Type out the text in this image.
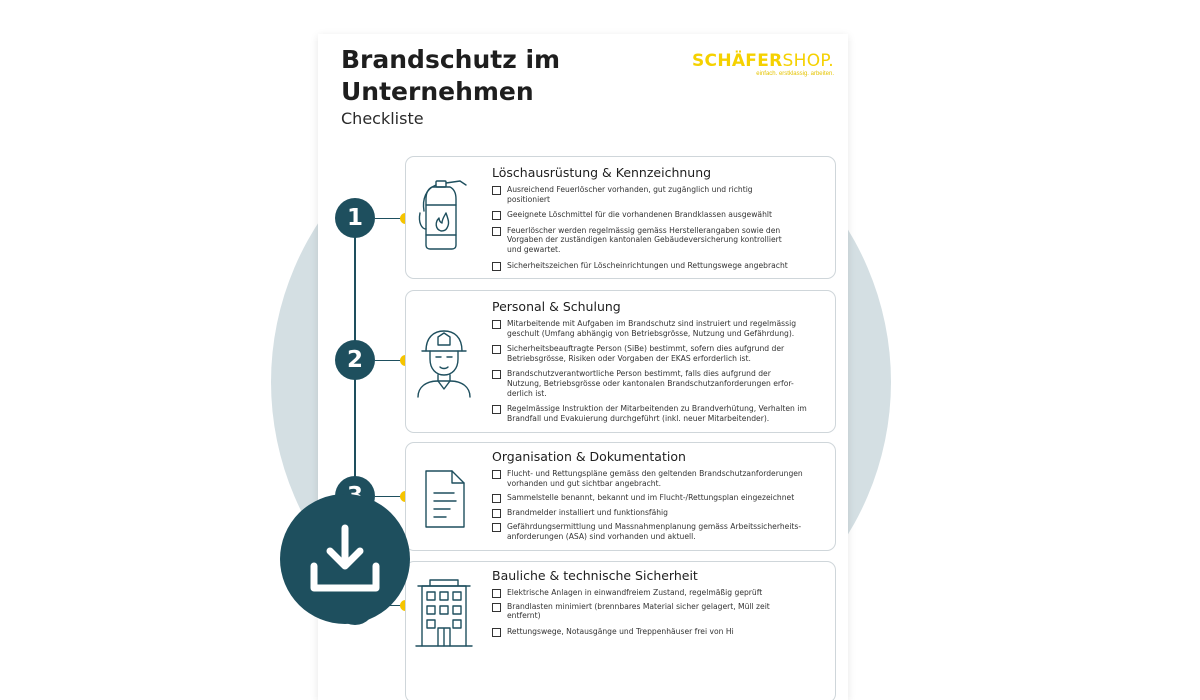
Brandschutz im
Unternehmen
Checkliste
SCHÄFERSHOP.
einfach. erstklassig. arbeiten.
1
Löschausrüstung & Kennzeichnung
Ausreichend Feuerlöscher vorhanden, gut zugänglich und richtig
positioniert
Geeignete Löschmittel für die vorhandenen Brandklassen ausgewählt
Feuerlöscher werden regelmässig gemäss Herstellerangaben sowie den
Vorgaben der zuständigen kantonalen Gebäudeversicherung kontrolliert
und gewartet.
Sicherheitszeichen für Löscheinrichtungen und Rettungswege angebracht
2
Personal & Schulung
Mitarbeitende mit Aufgaben im Brandschutz sind instruiert und regelmässig
geschult (Umfang abhängig von Betriebsgrösse, Nutzung und Gefährdung).
Sicherheitsbeauftragte Person (SiBe) bestimmt, sofern dies aufgrund der
Betriebsgrösse, Risiken oder Vorgaben der EKAS erforderlich ist.
Brandschutzverantwortliche Person bestimmt, falls dies aufgrund der
Nutzung, Betriebsgrösse oder kantonalen Brandschutzanforderungen erfor-
derlich ist.
Regelmässige Instruktion der Mitarbeitenden zu Brandverhütung, Verhalten im
Brandfall und Evakuierung durchgeführt (inkl. neuer Mitarbeitender).
Organisation & Dokumentation
Flucht- und Rettungspläne gemäss den geltenden Brandschutzanforderungen
vorhanden und gut sichtbar angebracht.
Sammelstelle benannt, bekannt und im Flucht-/Rettungsplan eingezeichnet
Brandmelder installiert und funktionsfähig
Gefährdungsermittlung und Massnahmenplanung gemäss Arbeitssicherheits-
anforderungen (ASA) sind vorhanden und aktuell.
Bauliche & technische Sicherheit
Elektrische Anlagen in einwandfreiem Zustand, regelmäßig geprüft
Brandlasten minimiert (brennbares Material sicher gelagert, Müll zeit
entfernt)
Rettungswege, Notausgänge und Treppenhäuser frei von Hi
